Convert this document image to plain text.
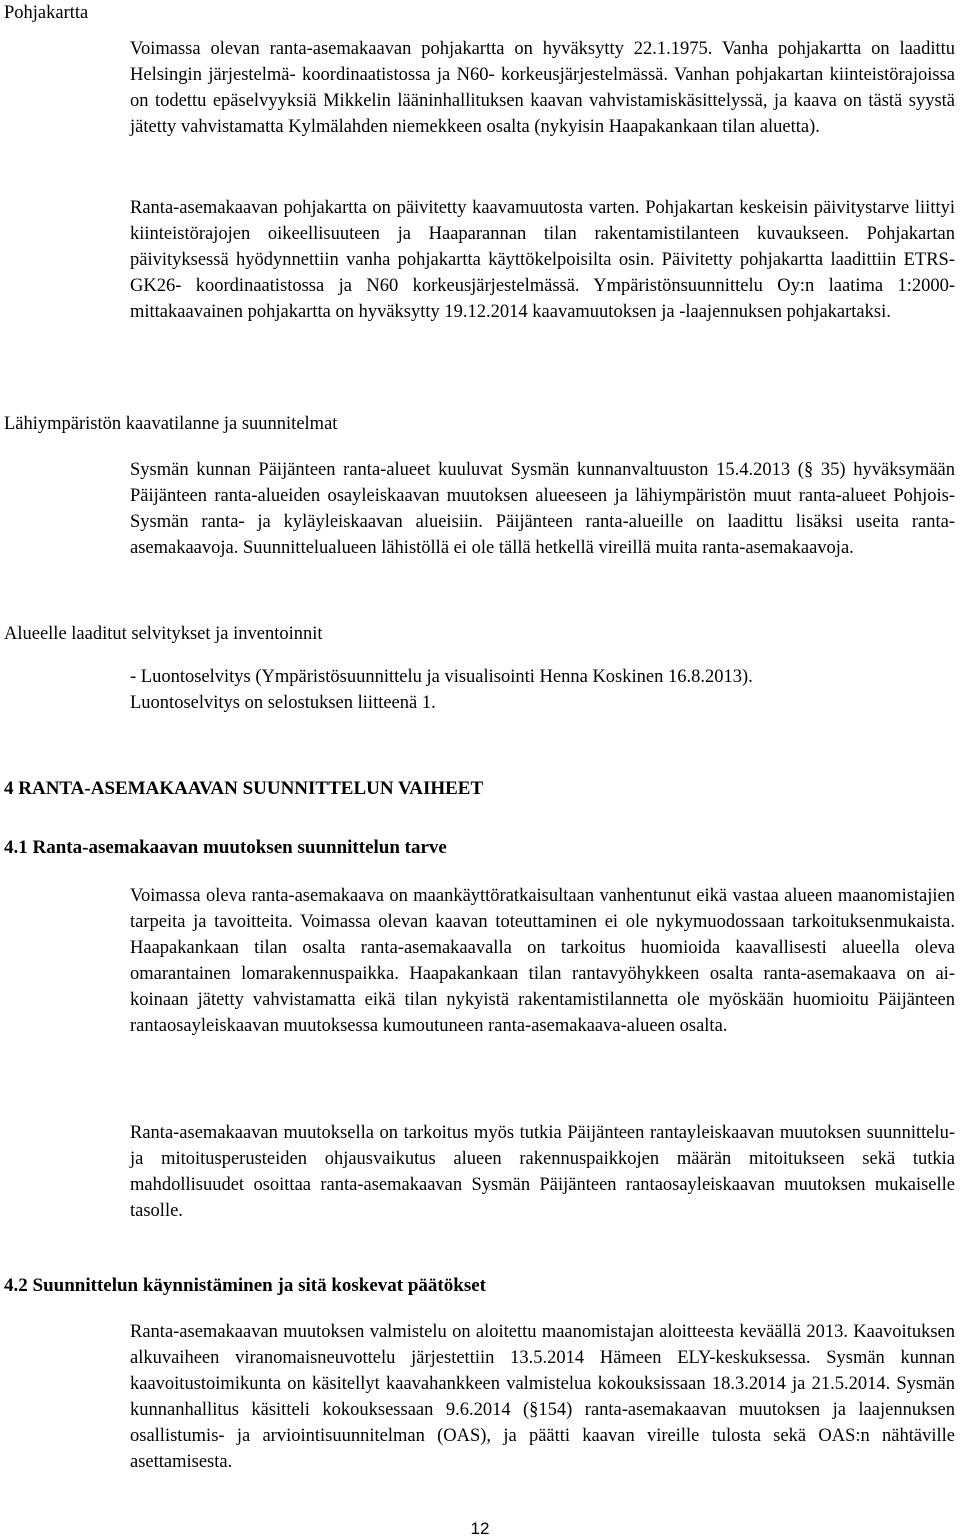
Pohjakartta

Voimassa olevan ranta-asemakaavan pohjakartta on hyväksytty 22.1.1975. Vanha pohjakartta on laadittu Helsingin järjestelmä- koordinaatistossa ja N60- korkeusjärjestelmässä. Vanhan pohjakartan kiinteistörajoissa on todettu epäselvyyksiä Mikkelin lääninhallituksen kaavan vahvistamiskäsittelyssä, ja kaava on tästä syystä jätetty vahvistamatta Kylmälahden niemekkeen osalta (nykyisin Haapakankaan tilan aluetta).

Ranta-asemakaavan pohjakartta on päivitetty kaavamuutosta varten. Pohjakartan keskeisin päivitystarve liittyi kiinteistörajojen oikeellisuuteen ja Haaparannan tilan rakentamistilanteen kuvaukseen. Pohjakartan päivityksessä hyödynnettiin vanha pohjakartta käyttökelpoisilta osin. Päivitetty pohjakartta laadittiin ETRS-GK26- koordinaatistossa ja N60 korkeusjärjestelmässä. Ympäristönsuunnittelu Oy:n laatima 1:2000-mittakaavainen pohjakartta on hyväksytty 19.12.2014 kaavamuutoksen ja -laajennuksen pohjakartaksi.

Lähiympäristön kaavatilanne ja suunnitelmat

Sysmän kunnan Päijänteen ranta-alueet kuuluvat Sysmän kunnanvaltuuston 15.4.2013 (§ 35) hyväksymään Päijänteen ranta-alueiden osayleiskaavan muutoksen alueeseen ja lähiympäristön muut ranta-alueet Pohjois-Sysmän ranta- ja kyläyleiskaavan alueisiin. Päijänteen ranta-alueille on laadittu lisäksi useita ranta-asemakaavoja. Suunnittelualueen lähistöllä ei ole tällä hetkellä vireillä muita ranta-asemakaavoja.

Alueelle laaditut selvitykset ja inventoinnit

- Luontoselvitys (Ympäristösuunnittelu ja visualisointi Henna Koskinen 16.8.2013).

Luontoselvitys on selostuksen liitteenä 1.

4 RANTA-ASEMAKAAVAN SUUNNITTELUN VAIHEET
4.1 Ranta-asemakaavan muutoksen suunnittelun tarve

Voimassa oleva ranta-asemakaava on maankäyttöratkaisultaan vanhentunut eikä vastaa alueen maanomistajien tarpeita ja tavoitteita. Voimassa olevan kaavan toteuttaminen ei ole nykymuodossaan tarkoituksenmukaista. Haapakankaan tilan osalta ranta-asemakaavalla on tarkoitus huomioida kaavallisesti alueella oleva omarantainen lomarakennuspaikka. Haapakankaan tilan rantavyöhykkeen osalta ranta-asemakaava on aikoinaan jätetty vahvistamatta eikä tilan nykyistä rakentamistilannetta ole myöskään huomioitu Päijänteen rantaosayleiskaavan muutoksessa kumoutuneen ranta-asemakaava-alueen osalta.

Ranta-asemakaavan muutoksella on tarkoitus myös tutkia Päijänteen rantayleiskaavan muutoksen suunnittelu- ja mitoitusperusteiden ohjausvaikutus alueen rakennuspaikkojen määrän mitoitukseen sekä tutkia mahdollisuudet osoittaa ranta-asemakaavan Sysmän Päijänteen rantaosayleiskaavan muutoksen mukaiselle tasolle.

4.2 Suunnittelun käynnistäminen ja sitä koskevat päätökset

Ranta-asemakaavan muutoksen valmistelu on aloitettu maanomistajan aloitteesta keväällä 2013. Kaavoituksen alkuvaiheen viranomaisneuvottelu järjestettiin 13.5.2014 Hämeen ELY-keskuksessa. Sysmän kunnan kaavoitustoimikunta on käsitellyt kaavahankkeen valmistelua kokouksissaan 18.3.2014 ja 21.5.2014. Sysmän kunnanhallitus käsitteli kokouksessaan 9.6.2014 (§154) ranta-asemakaavan muutoksen ja laajennuksen osallistumis- ja arviointisuunnitelman (OAS), ja päätti kaavan vireille tulosta sekä OAS:n nähtäville asettamisesta.

12
